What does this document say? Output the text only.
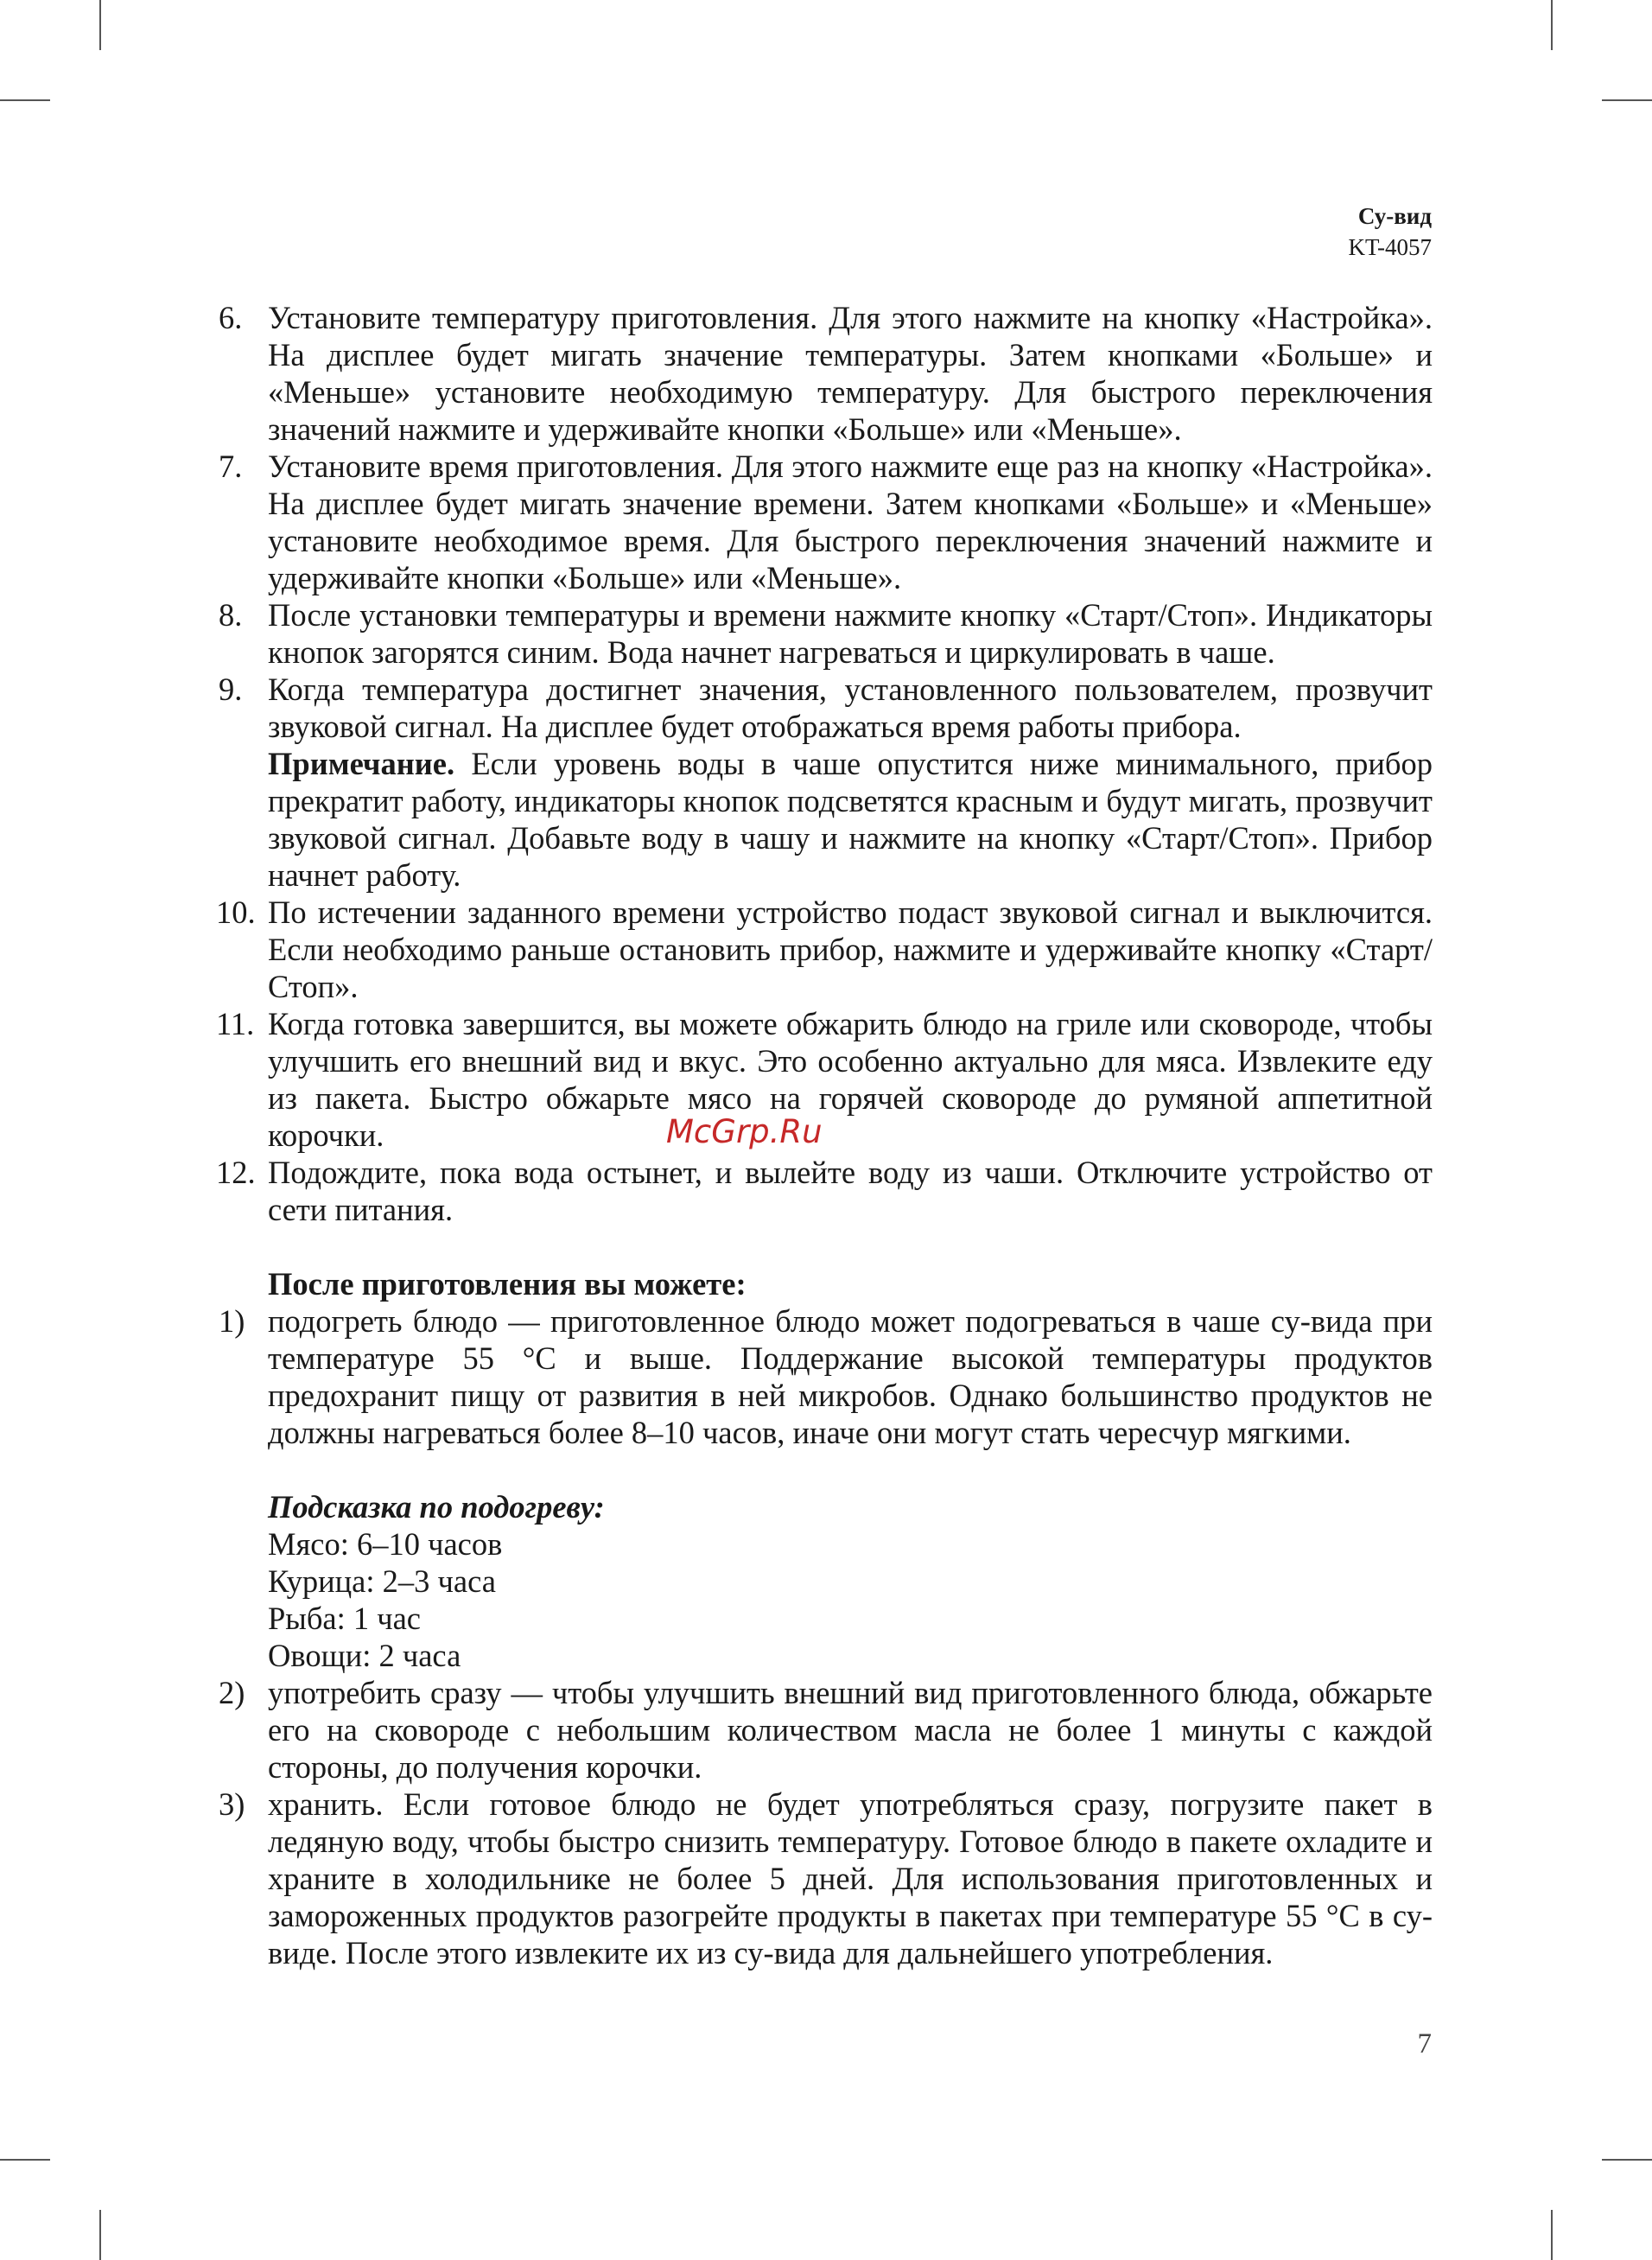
Су-вид
KT-4057
6. Установите температуру приготовления. Для этого нажмите на кнопку «Настройка». На дисплее будет мигать значение температуры. Затем кнопками «Больше» и «Меньше» установите необходимую температуру. Для быстрого переключения значений нажмите и удерживайте кнопки «Больше» или «Меньше».
7. Установите время приготовления. Для этого нажмите еще раз на кнопку «Настройка». На дисплее будет мигать значение времени. Затем кнопками «Больше» и «Меньше» установите необходимое время. Для быстрого переключения значений нажмите и удерживайте кнопки «Больше» или «Меньше».
8. После установки температуры и времени нажмите кнопку «Старт/Стоп». Индикаторы кнопок загорятся синим. Вода начнет нагреваться и циркулировать в чаше.
9. Когда температура достигнет значения, установленного пользователем, прозвучит звуковой сигнал. На дисплее будет отображаться время работы прибора.
Примечание. Если уровень воды в чаше опустится ниже минимального, прибор прекратит работу, индикаторы кнопок подсветятся красным и будут мигать, прозвучит звуковой сигнал. Добавьте воду в чашу и нажмите на кнопку «Старт/Стоп». Прибор начнет работу.
10. По истечении заданного времени устройство подаст звуковой сигнал и выключится. Если необходимо раньше остановить прибор, нажмите и удерживайте кнопку «Старт/Стоп».
11. Когда готовка завершится, вы можете обжарить блюдо на гриле или сковороде, чтобы улучшить его внешний вид и вкус. Это особенно актуально для мяса. Извлеките еду из пакета. Быстро обжарьте мясо на горячей сковороде до румяной аппетитной корочки.
12. Подождите, пока вода остынет, и вылейте воду из чаши. Отключите устройство от сети питания.
После приготовления вы можете:
1) подогреть блюдо — приготовленное блюдо может подогреваться в чаше су-вида при температуре 55 °C и выше. Поддержание высокой температуры продуктов предохранит пищу от развития в ней микробов. Однако большинство продуктов не должны нагреваться более 8–10 часов, иначе они могут стать чересчур мягкими.
Подсказка по подогреву:
Мясо: 6–10 часов
Курица: 2–3 часа
Рыба: 1 час
Овощи: 2 часа
2) употребить сразу — чтобы улучшить внешний вид приготовленного блюда, обжарьте его на сковороде с небольшим количеством масла не более 1 минуты с каждой стороны, до получения корочки.
3) хранить. Если готовое блюдо не будет употребляться сразу, погрузите пакет в ледяную воду, чтобы быстро снизить температуру. Готовое блюдо в пакете охладите и храните в холодильнике не более 5 дней. Для использования приготовленных и замороженных продуктов разогрейте продукты в пакетах при температуре 55 °C в су-виде. После этого извлеките их из су-вида для дальнейшего употребления.
McGrp.Ru
7
